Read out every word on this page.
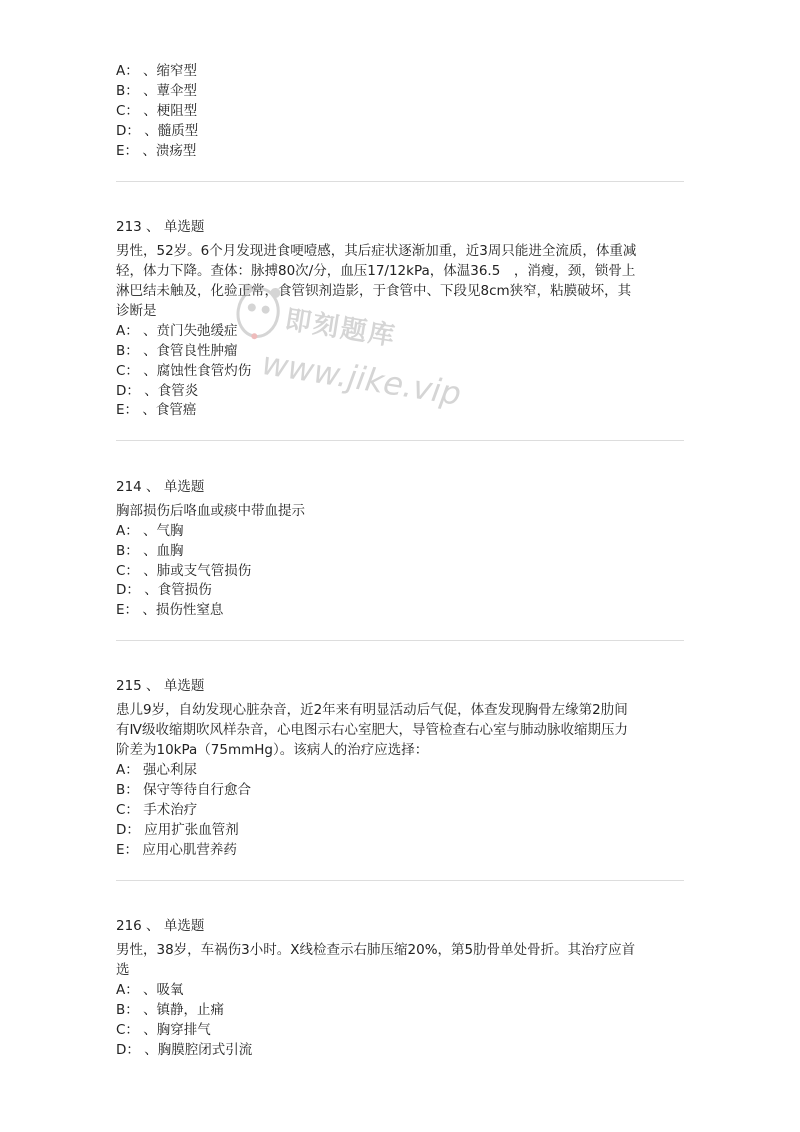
A： 、缩窄型
B： 、蕈伞型
C： 、梗阻型
D： 、髓质型
E： 、溃疡型
213 、 单选题
男性，52岁。6个月发现进食哽噎感，其后症状逐渐加重，近3周只能进全流质，体重减
轻，体力下降。查体：脉搏80次/分，血压17/12kPa，体温36.5　，消瘦，颈，锁骨上
淋巴结未触及，化验正常，食管钡剂造影，于食管中、下段见8cm狭窄，粘膜破坏，其
诊断是
A： 、贲门失弛缓症
B： 、食管良性肿瘤
C： 、腐蚀性食管灼伤
D： 、食管炎
E： 、食管癌
214 、 单选题
胸部损伤后咯血或痰中带血提示
A： 、气胸
B： 、血胸
C： 、肺或支气管损伤
D： 、食管损伤
E： 、损伤性窒息
215 、 单选题
患儿9岁，自幼发现心脏杂音，近2年来有明显活动后气促，体查发现胸骨左缘第2肋间
有Ⅳ级收缩期吹风样杂音，心电图示右心室肥大，导管检查右心室与肺动脉收缩期压力
阶差为10kPa（75mmHg）。该病人的治疗应选择：
A： 强心利尿
B： 保守等待自行愈合
C： 手术治疗
D： 应用扩张血管剂
E： 应用心肌营养药
216 、 单选题
男性，38岁，车祸伤3小时。X线检查示右肺压缩20%，第5肋骨单处骨折。其治疗应首
选
A： 、吸氧
B： 、镇静，止痛
C： 、胸穿排气
D： 、胸膜腔闭式引流
即刻题库
www.jike.vip
